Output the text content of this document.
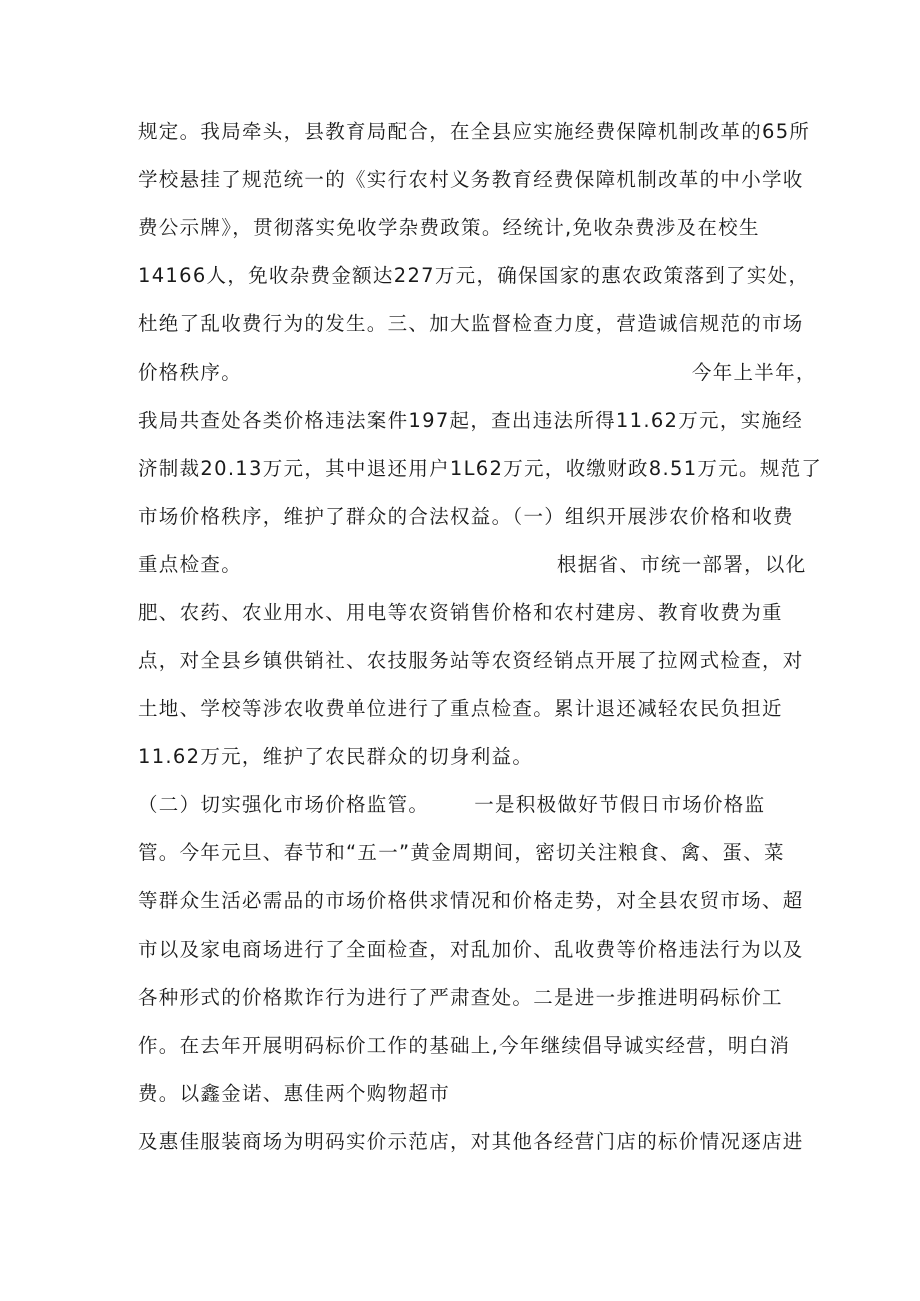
规定。我局牵头，县教育局配合，在全县应实施经费保障机制改革的65所
学校悬挂了规范统一的《实行农村义务教育经费保障机制改革的中小学收
费公示牌》，贯彻落实免收学杂费政策。经统计,免收杂费涉及在校生
14166人，免收杂费金额达227万元，确保国家的惠农政策落到了实处，
杜绝了乱收费行为的发生。三、加大监督检查力度，营造诚信规范的市场
价格秩序。                                                            今年上半年，
我局共查处各类价格违法案件197起，查出违法所得11.62万元，实施经
济制裁20.13万元，其中退还用户1L62万元，收缴财政8.51万元。规范了
市场价格秩序，维护了群众的合法权益。（一）组织开展涉农价格和收费
重点检查。                                          根据省、市统一部署，以化
肥、农药、农业用水、用电等农资销售价格和农村建房、教育收费为重
点，对全县乡镇供销社、农技服务站等农资经销点开展了拉网式检查，对
土地、学校等涉农收费单位进行了重点检查。累计退还减轻农民负担近
11.62万元，维护了农民群众的切身利益。
（二）切实强化市场价格监管。      一是积极做好节假日市场价格监
管。今年元旦、春节和“五一”黄金周期间，密切关注粮食、禽、蛋、菜
等群众生活必需品的市场价格供求情况和价格走势，对全县农贸市场、超
市以及家电商场进行了全面检查，对乱加价、乱收费等价格违法行为以及
各种形式的价格欺诈行为进行了严肃查处。二是进一步推进明码标价工
作。在去年开展明码标价工作的基础上,今年继续倡导诚实经营，明白消
费。以鑫金诺、惠佳两个购物超市
及惠佳服装商场为明码实价示范店，对其他各经营门店的标价情况逐店进
